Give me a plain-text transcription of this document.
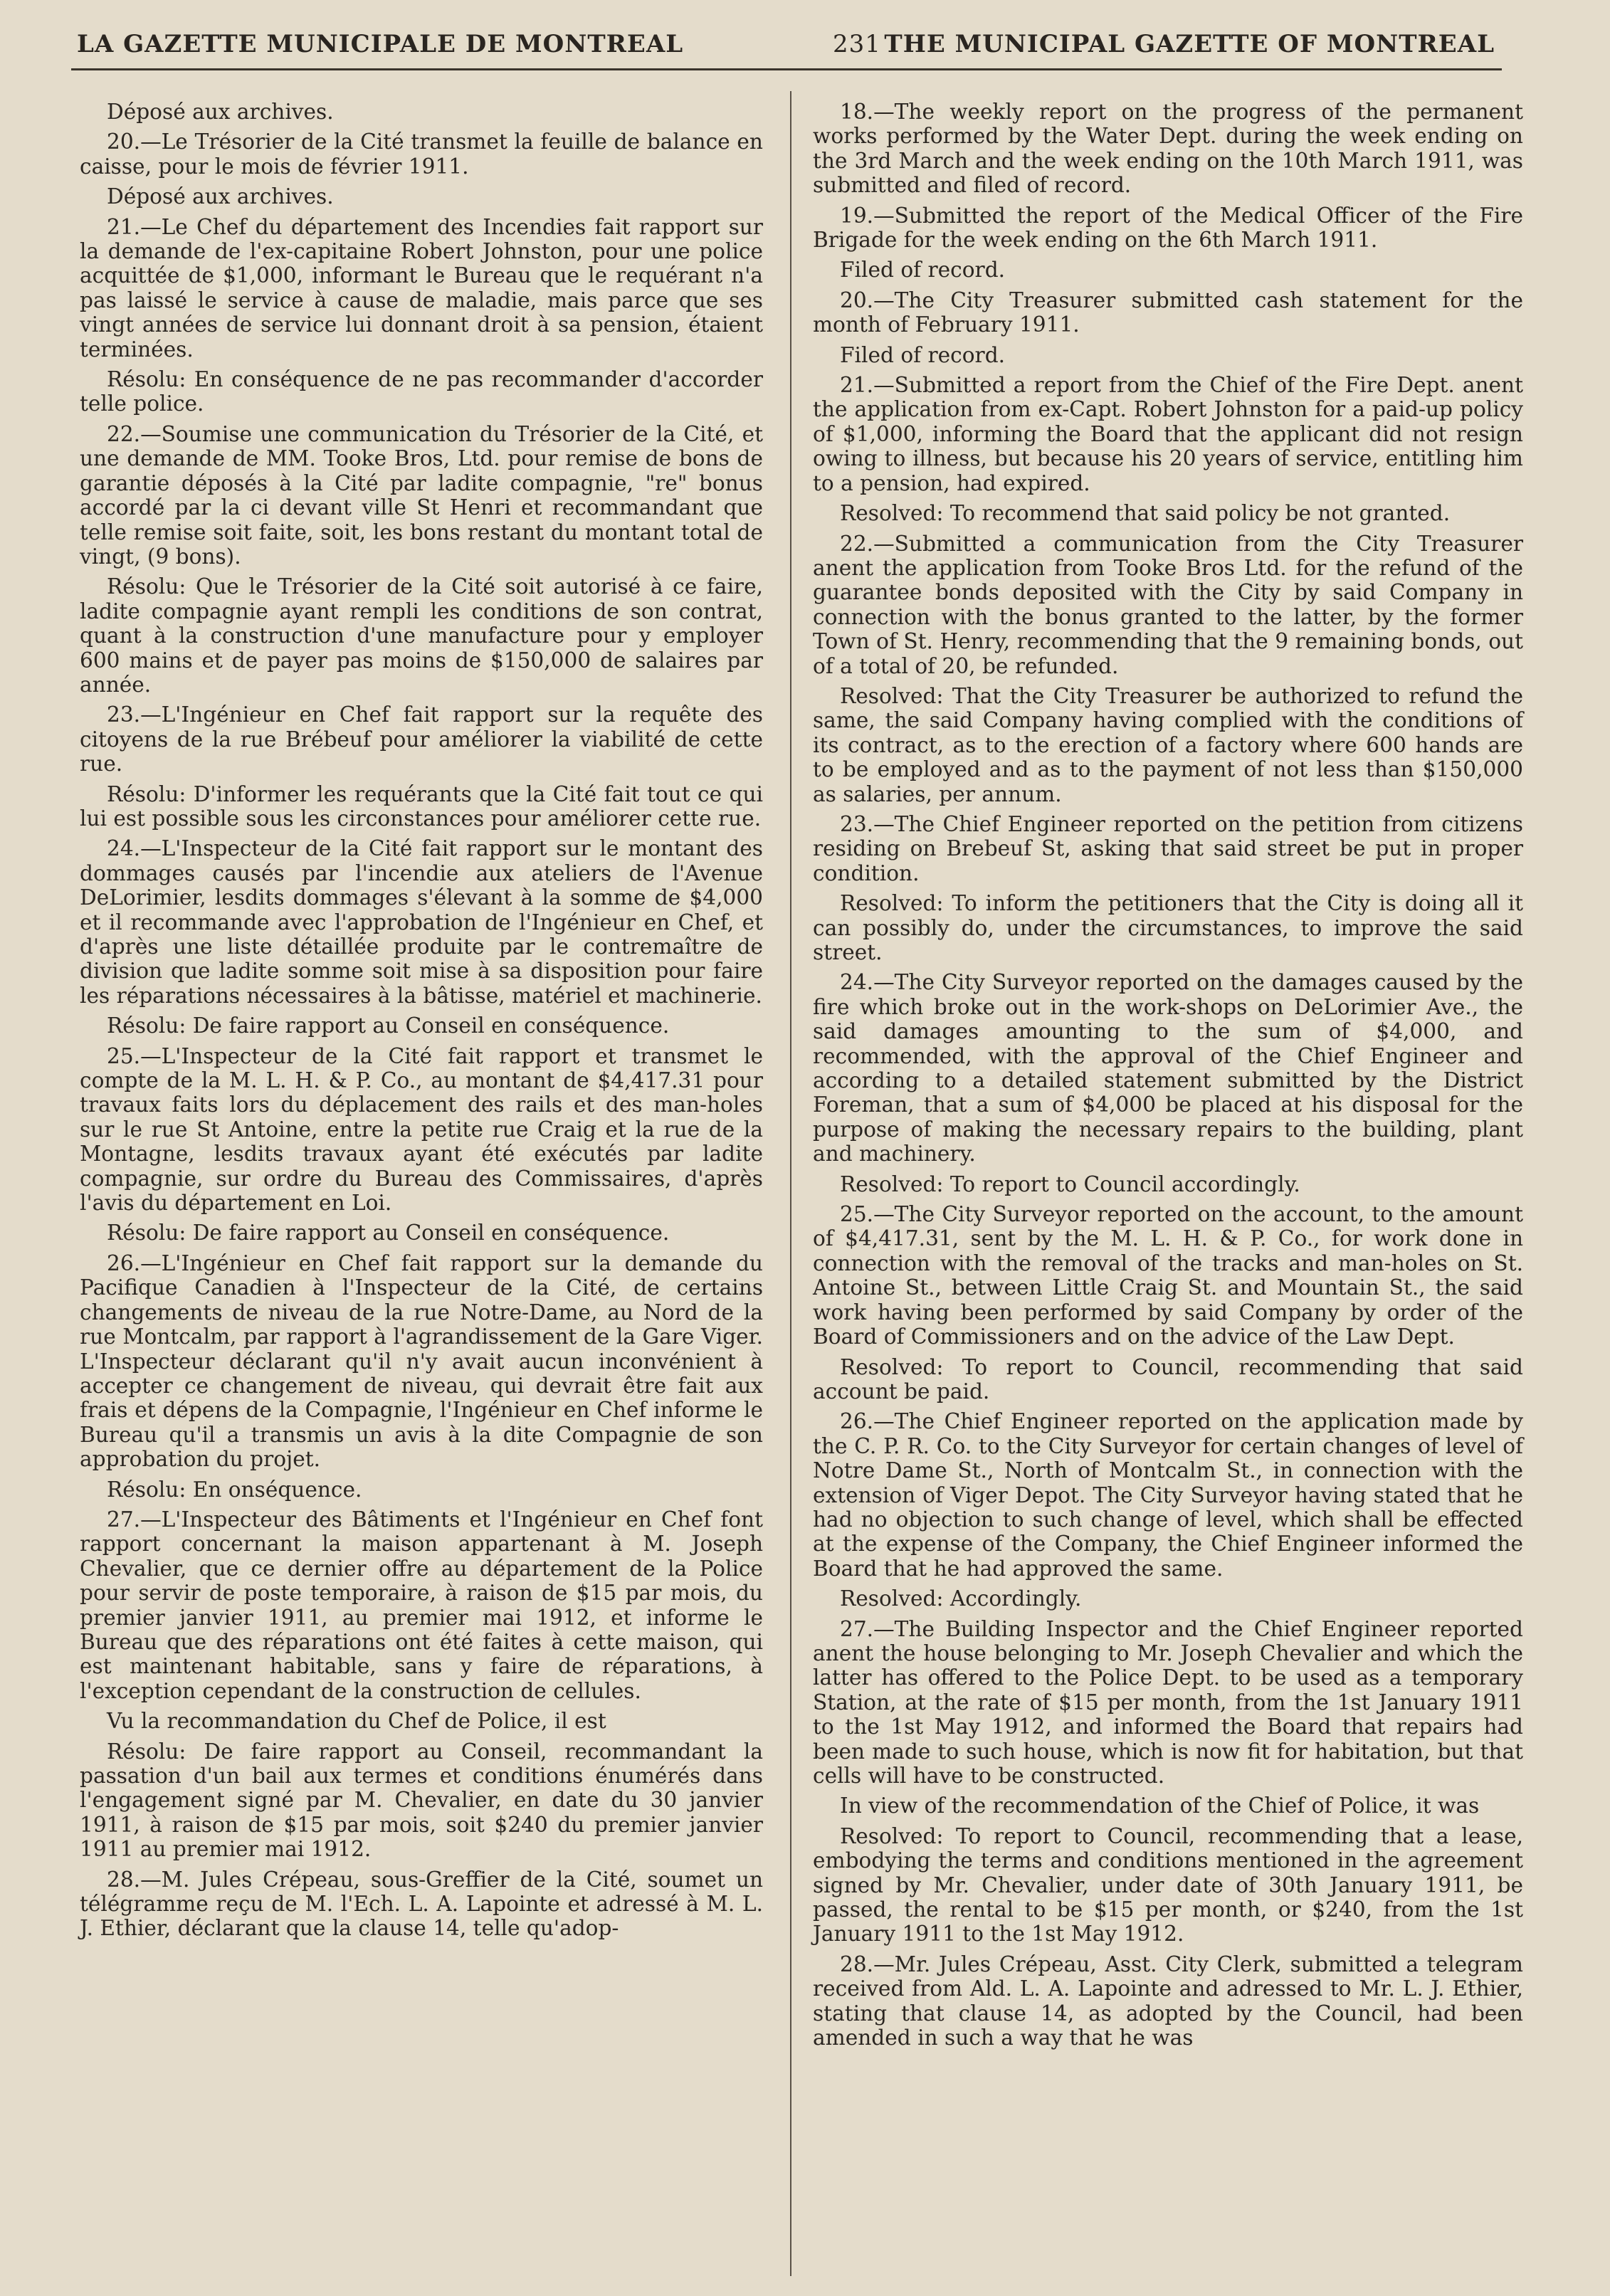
LA GAZETTE MUNICIPALE DE MONTREAL	231 THE MUNICIPAL GAZETTE OF MONTREAL

Déposé aux archives.

20.—Le Trésorier de la Cité transmet la feuille de balance en caisse, pour le mois de février 1911.

Déposé aux archives.

21.—Le Chef du département des Incendies fait rapport sur la demande de l'ex-capitaine Robert Johnston, pour une police acquittée de $1,000, informant le Bureau que le requérant n'a pas laissé le service à cause de maladie, mais parce que ses vingt années de service lui donnant droit à sa pension, étaient terminées.

Résolu: En conséquence de ne pas recommander d'accorder telle police.

22.—Soumise une communication du Trésorier de la Cité, et une demande de MM. Tooke Bros, Ltd. pour remise de bons de garantie déposés à la Cité par ladite compagnie, "re" bonus accordé par la ci devant ville St Henri et recommandant que telle remise soit faite, soit, les bons restant du montant total de vingt, (9 bons).

Résolu: Que le Trésorier de la Cité soit autorisé à ce faire, ladite compagnie ayant rempli les conditions de son contrat, quant à la construction d'une manufacture pour y employer 600 mains et de payer pas moins de $150,000 de salaires par année.

23.—L'Ingénieur en Chef fait rapport sur la requête des citoyens de la rue Brébeuf pour améliorer la viabilité de cette rue.

Résolu: D'informer les requérants que la Cité fait tout ce qui lui est possible sous les circonstances pour améliorer cette rue.

24.—L'Inspecteur de la Cité fait rapport sur le montant des dommages causés par l'incendie aux ateliers de l'Avenue DeLorimier, lesdits dommages s'élevant à la somme de $4,000 et il recommande avec l'approbation de l'Ingénieur en Chef, et d'après une liste détaillée produite par le contremaître de division que ladite somme soit mise à sa disposition pour faire les réparations nécessaires à la bâtisse, matériel et machinerie.

Résolu: De faire rapport au Conseil en conséquence.

25.—L'Inspecteur de la Cité fait rapport et transmet le compte de la M. L. H. & P. Co., au montant de $4,417.31 pour travaux faits lors du déplacement des rails et des man-holes sur le rue St Antoine, entre la petite rue Craig et la rue de la Montagne, lesdits travaux ayant été exécutés par ladite compagnie, sur ordre du Bureau des Commissaires, d'après l'avis du département en Loi.

Résolu: De faire rapport au Conseil en conséquence.

26.—L'Ingénieur en Chef fait rapport sur la demande du Pacifique Canadien à l'Inspecteur de la Cité, de certains changements de niveau de la rue Notre-Dame, au Nord de la rue Montcalm, par rapport à l'agrandissement de la Gare Viger. L'Inspecteur déclarant qu'il n'y avait aucun inconvénient à accepter ce changement de niveau, qui devrait être fait aux frais et dépens de la Compagnie, l'Ingénieur en Chef informe le Bureau qu'il a transmis un avis à la dite Compagnie de son approbation du projet.

Résolu: En onséquence.

27.—L'Inspecteur des Bâtiments et l'Ingénieur en Chef font rapport concernant la maison appartenant à M. Joseph Chevalier, que ce dernier offre au département de la Police pour servir de poste temporaire, à raison de $15 par mois, du premier janvier 1911, au premier mai 1912, et informe le Bureau que des réparations ont été faites à cette maison, qui est maintenant habitable, sans y faire de réparations, à l'exception cependant de la construction de cellules.

Vu la recommandation du Chef de Police, il est

Résolu: De faire rapport au Conseil, recommandant la passation d'un bail aux termes et conditions énumérés dans l'engagement signé par M. Chevalier, en date du 30 janvier 1911, à raison de $15 par mois, soit $240 du premier janvier 1911 au premier mai 1912.

28.—M. Jules Crépeau, sous-Greffier de la Cité, soumet un télégramme reçu de M. l'Ech. L. A. Lapointe et adressé à M. L. J. Ethier, déclarant que la clause 14, telle qu'adop-

18.—The weekly report on the progress of the permanent works performed by the Water Dept. during the week ending on the 3rd March and the week ending on the 10th March 1911, was submitted and filed of record.

19.—Submitted the report of the Medical Officer of the Fire Brigade for the week ending on the 6th March 1911.

Filed of record.

20.—The City Treasurer submitted cash statement for the month of February 1911.

Filed of record.

21.—Submitted a report from the Chief of the Fire Dept. anent the application from ex-Capt. Robert Johnston for a paid-up policy of $1,000, informing the Board that the applicant did not resign owing to illness, but because his 20 years of service, entitling him to a pension, had expired.

Resolved: To recommend that said policy be not granted.

22.—Submitted a communication from the City Treasurer anent the application from Tooke Bros Ltd. for the refund of the guarantee bonds deposited with the City by said Company in connection with the bonus granted to the latter, by the former Town of St. Henry, recommending that the 9 remaining bonds, out of a total of 20, be refunded.

Resolved: That the City Treasurer be authorized to refund the same, the said Company having complied with the conditions of its contract, as to the erection of a factory where 600 hands are to be employed and as to the payment of not less than $150,000 as salaries, per annum.

23.—The Chief Engineer reported on the petition from citizens residing on Brebeuf St, asking that said street be put in proper condition.

Resolved: To inform the petitioners that the City is doing all it can possibly do, under the circumstances, to improve the said street.

24.—The City Surveyor reported on the damages caused by the fire which broke out in the work-shops on DeLorimier Ave., the said damages amounting to the sum of $4,000, and recommended, with the approval of the Chief Engineer and according to a detailed statement submitted by the District Foreman, that a sum of $4,000 be placed at his disposal for the purpose of making the necessary repairs to the building, plant and machinery.

Resolved: To report to Council accordingly.

25.—The City Surveyor reported on the account, to the amount of $4,417.31, sent by the M. L. H. & P. Co., for work done in connection with the removal of the tracks and man-holes on St. Antoine St., between Little Craig St. and Mountain St., the said work having been performed by said Company by order of the Board of Commissioners and on the advice of the Law Dept.

Resolved: To report to Council, recommending that said account be paid.

26.—The Chief Engineer reported on the application made by the C. P. R. Co. to the City Surveyor for certain changes of level of Notre Dame St., North of Montcalm St., in connection with the extension of Viger Depot. The City Surveyor having stated that he had no objection to such change of level, which shall be effected at the expense of the Company, the Chief Engineer informed the Board that he had approved the same.

Resolved: Accordingly.

27.—The Building Inspector and the Chief Engineer reported anent the house belonging to Mr. Joseph Chevalier and which the latter has offered to the Police Dept. to be used as a temporary Station, at the rate of $15 per month, from the 1st January 1911 to the 1st May 1912, and informed the Board that repairs had been made to such house, which is now fit for habitation, but that cells will have to be constructed.

In view of the recommendation of the Chief of Police, it was

Resolved: To report to Council, recommending that a lease, embodying the terms and conditions mentioned in the agreement signed by Mr. Chevalier, under date of 30th January 1911, be passed, the rental to be $15 per month, or $240, from the 1st January 1911 to the 1st May 1912.

28.—Mr. Jules Crépeau, Asst. City Clerk, submitted a telegram received from Ald. L. A. Lapointe and adressed to Mr. L. J. Ethier, stating that clause 14, as adopted by the Council, had been amended in such a way that he was
